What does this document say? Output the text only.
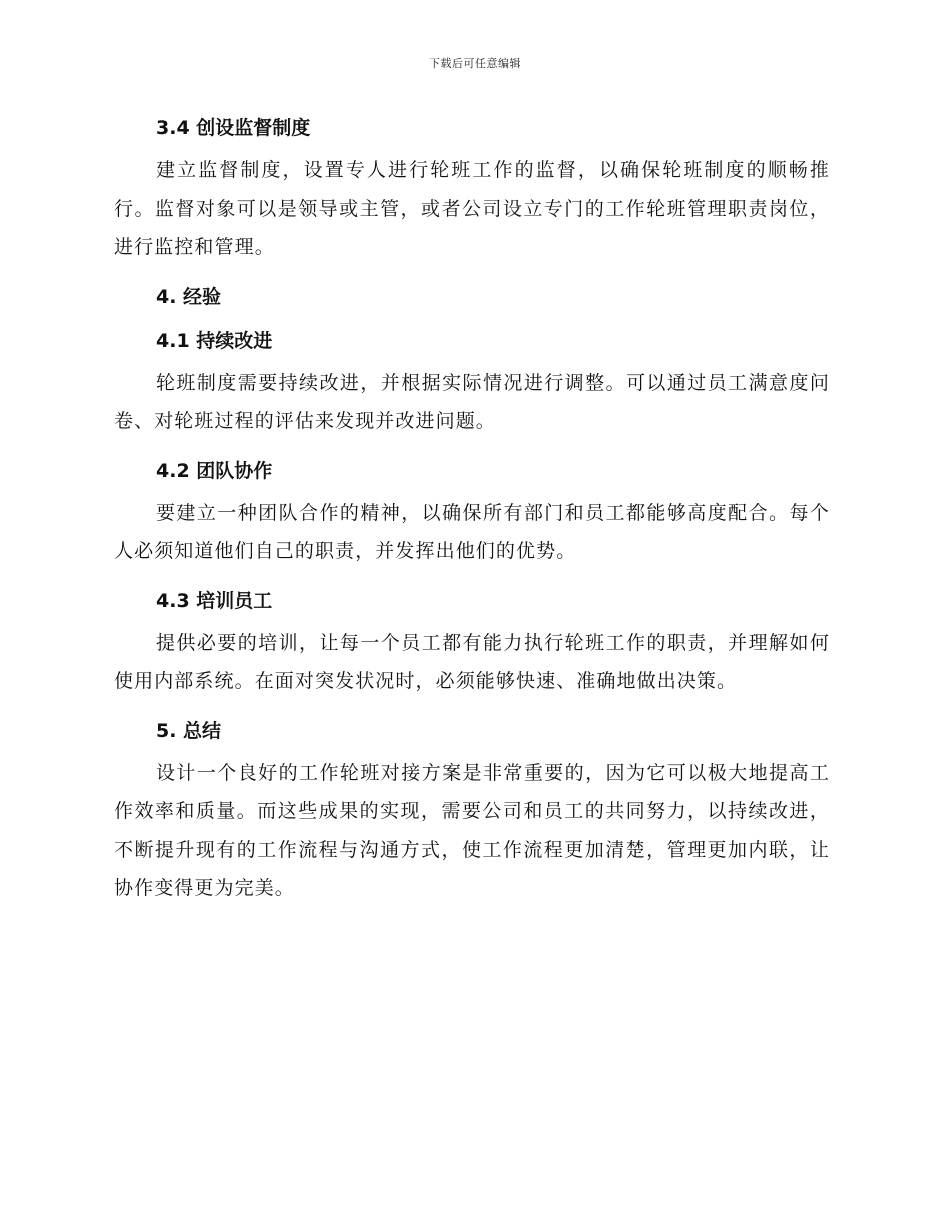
下载后可任意编辑
3.4 创设监督制度

建立监督制度，设置专人进行轮班工作的监督，以确保轮班制度的顺畅推行。监督对象可以是领导或主管，或者公司设立专门的工作轮班管理职责岗位，进行监控和管理。

4. 经验
4.1 持续改进

轮班制度需要持续改进，并根据实际情况进行调整。可以通过员工满意度问卷、对轮班过程的评估来发现并改进问题。

4.2 团队协作

要建立一种团队合作的精神，以确保所有部门和员工都能够高度配合。每个人必须知道他们自己的职责，并发挥出他们的优势。

4.3 培训员工

提供必要的培训，让每一个员工都有能力执行轮班工作的职责，并理解如何使用内部系统。在面对突发状况时，必须能够快速、准确地做出决策。

5. 总结

设计一个良好的工作轮班对接方案是非常重要的，因为它可以极大地提高工作效率和质量。而这些成果的实现，需要公司和员工的共同努力，以持续改进，不断提升现有的工作流程与沟通方式，使工作流程更加清楚，管理更加内联，让协作变得更为完美。
